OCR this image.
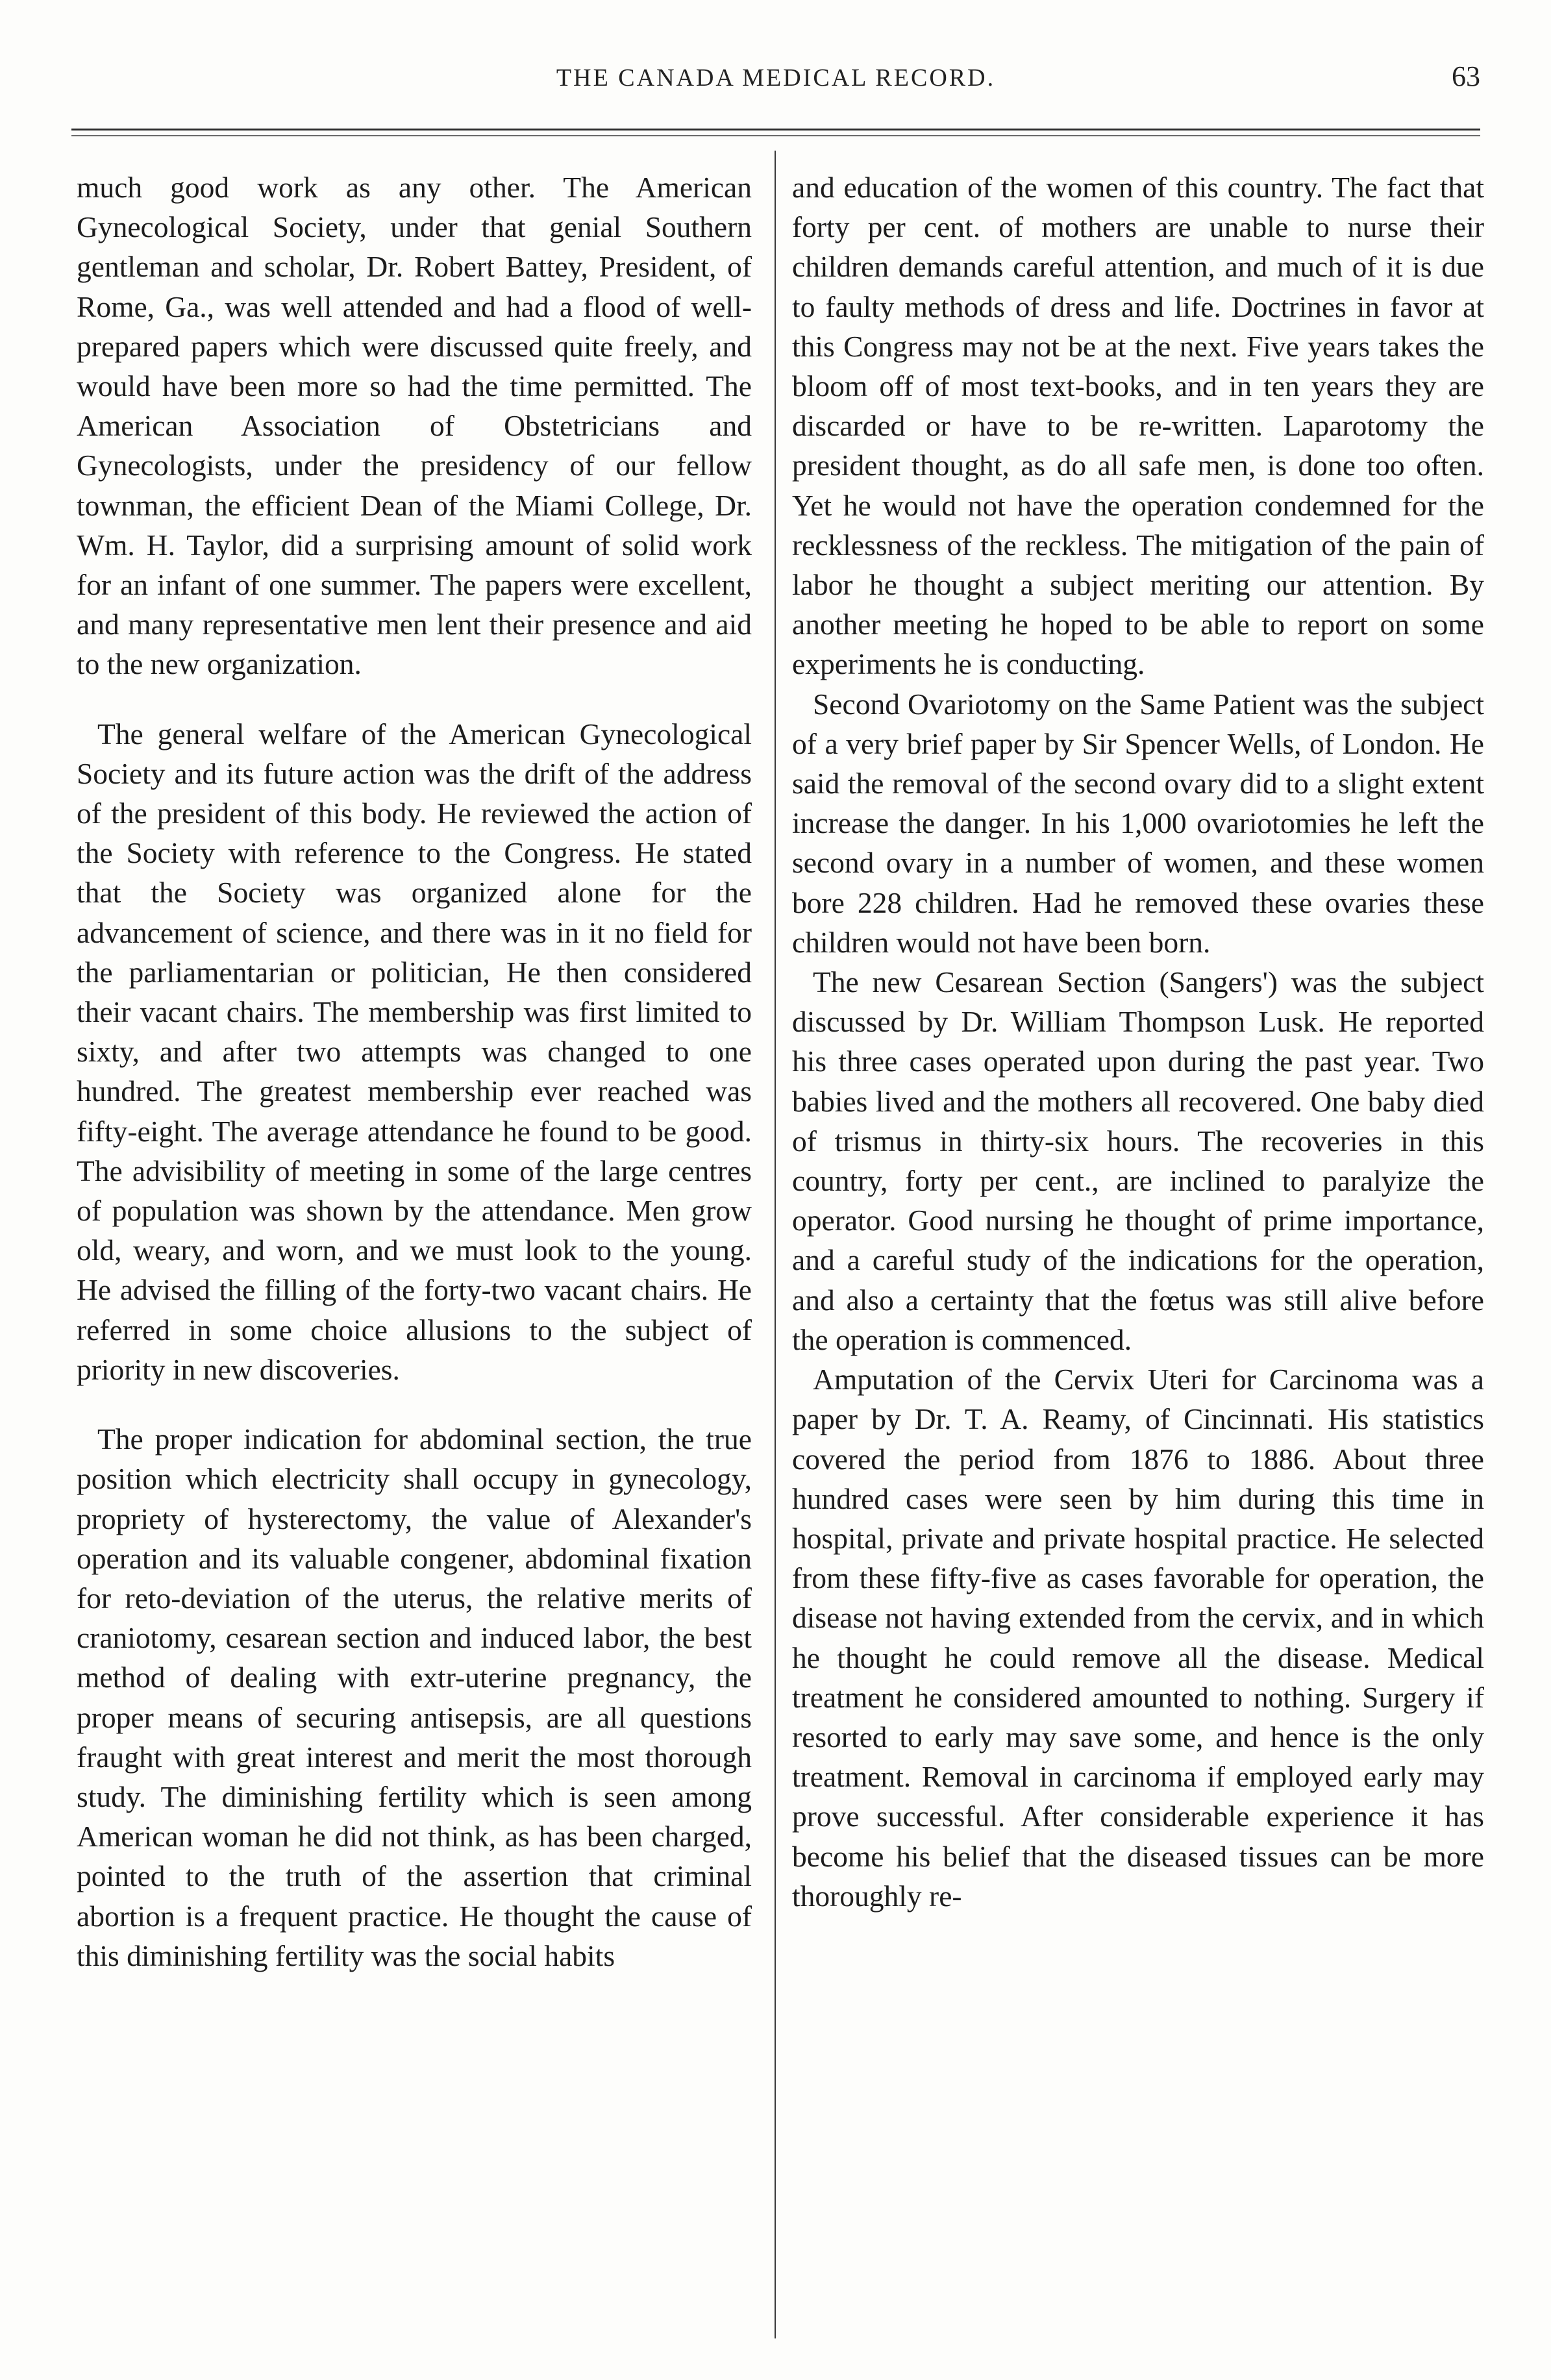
THE CANADA MEDICAL RECORD.	63

much good work as any other. The American Gynecological Society, under that genial Southern gentleman and scholar, Dr. Robert Battey, President, of Rome, Ga., was well attended and had a flood of well-prepared papers which were discussed quite freely, and would have been more so had the time permitted. The American Association of Obstetricians and Gynecologists, under the presidency of our fellow townman, the efficient Dean of the Miami College, Dr. Wm. H. Taylor, did a surprising amount of solid work for an infant of one summer. The papers were excellent, and many representative men lent their presence and aid to the new organization.

The general welfare of the American Gynecological Society and its future action was the drift of the address of the president of this body. He reviewed the action of the Society with reference to the Congress. He stated that the Society was organized alone for the advancement of science, and there was in it no field for the parliamentarian or politician, He then considered their vacant chairs. The membership was first limited to sixty, and after two attempts was changed to one hundred. The greatest membership ever reached was fifty-eight. The average attendance he found to be good. The advisibility of meeting in some of the large centres of population was shown by the attendance. Men grow old, weary, and worn, and we must look to the young. He advised the filling of the forty-two vacant chairs. He referred in some choice allusions to the subject of priority in new discoveries.

The proper indication for abdominal section, the true position which electricity shall occupy in gynecology, propriety of hysterectomy, the value of Alexander's operation and its valuable congener, abdominal fixation for reto-deviation of the uterus, the relative merits of craniotomy, cesarean section and induced labor, the best method of dealing with extr-uterine pregnancy, the proper means of securing antisepsis, are all questions fraught with great interest and merit the most thorough study. The diminishing fertility which is seen among American woman he did not think, as has been charged, pointed to the truth of the assertion that criminal abortion is a frequent practice. He thought the cause of this diminishing fertility was the social habits

and education of the women of this country. The fact that forty per cent. of mothers are unable to nurse their children demands careful attention, and much of it is due to faulty methods of dress and life. Doctrines in favor at this Congress may not be at the next. Five years takes the bloom off of most text-books, and in ten years they are discarded or have to be re-written. Laparotomy the president thought, as do all safe men, is done too often. Yet he would not have the operation condemned for the recklessness of the reckless. The mitigation of the pain of labor he thought a subject meriting our attention. By another meeting he hoped to be able to report on some experiments he is conducting.

Second Ovariotomy on the Same Patient was the subject of a very brief paper by Sir Spencer Wells, of London. He said the removal of the second ovary did to a slight extent increase the danger. In his 1,000 ovariotomies he left the second ovary in a number of women, and these women bore 228 children. Had he removed these ovaries these children would not have been born.

The new Cesarean Section (Sangers') was the subject discussed by Dr. William Thompson Lusk. He reported his three cases operated upon during the past year. Two babies lived and the mothers all recovered. One baby died of trismus in thirty-six hours. The recoveries in this country, forty per cent., are inclined to paralyize the operator. Good nursing he thought of prime importance, and a careful study of the indications for the operation, and also a certainty that the fœtus was still alive before the operation is commenced.

Amputation of the Cervix Uteri for Carcinoma was a paper by Dr. T. A. Reamy, of Cincinnati. His statistics covered the period from 1876 to 1886. About three hundred cases were seen by him during this time in hospital, private and private hospital practice. He selected from these fifty-five as cases favorable for operation, the disease not having extended from the cervix, and in which he thought he could remove all the disease. Medical treatment he considered amounted to nothing. Surgery if resorted to early may save some, and hence is the only treatment. Removal in carcinoma if employed early may prove successful. After considerable experience it has become his belief that the diseased tissues can be more thoroughly re-
